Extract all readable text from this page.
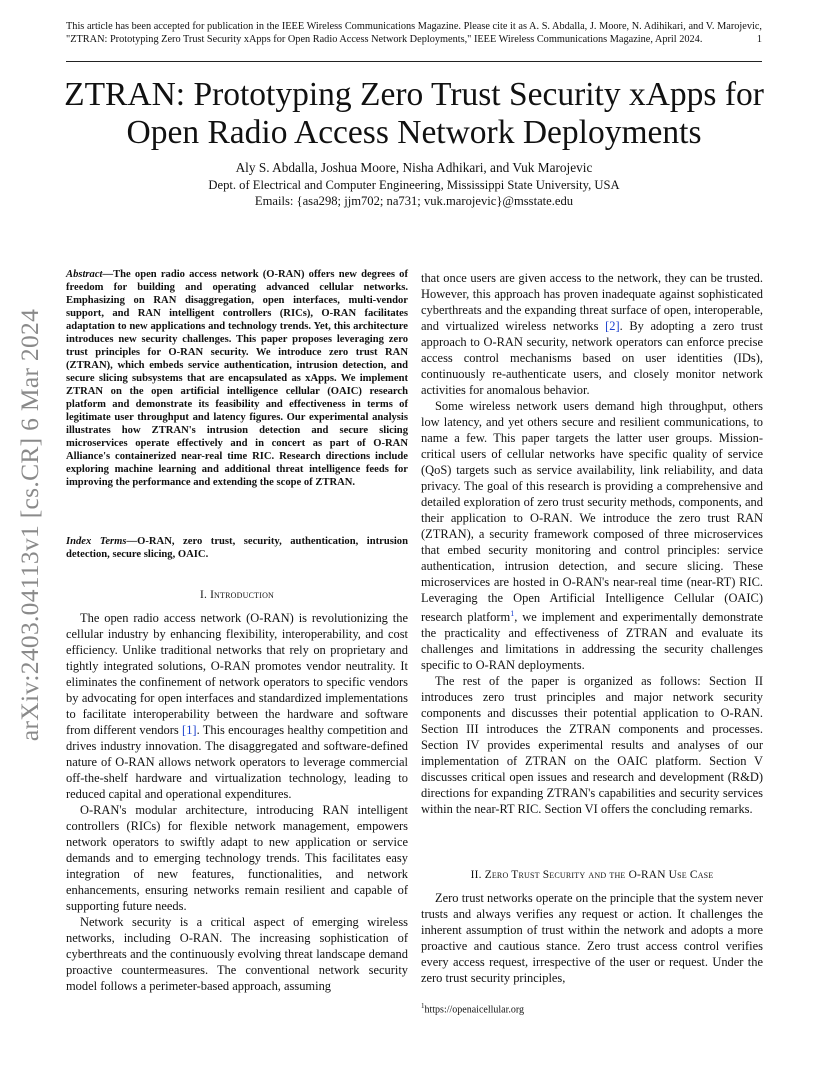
This article has been accepted for publication in the IEEE Wireless Communications Magazine. Please cite it as A. S. Abdalla, J. Moore, N. Adihikari, and V. Marojevic, "ZTRAN: Prototyping Zero Trust Security xApps for Open Radio Access Network Deployments," IEEE Wireless Communications Magazine, April 2024.	1
arXiv:2403.04113v1 [cs.CR] 6 Mar 2024
ZTRAN: Prototyping Zero Trust Security xApps for Open Radio Access Network Deployments
Aly S. Abdalla, Joshua Moore, Nisha Adhikari, and Vuk Marojevic
Dept. of Electrical and Computer Engineering, Mississippi State University, USA
Emails: {asa298; jjm702; na731; vuk.marojevic}@msstate.edu

Abstract—The open radio access network (O-RAN) offers new degrees of freedom for building and operating advanced cellular networks. Emphasizing on RAN disaggregation, open interfaces, multi-vendor support, and RAN intelligent controllers (RICs), O-RAN facilitates adaptation to new applications and technology trends. Yet, this architecture introduces new security challenges. This paper proposes leveraging zero trust principles for O-RAN security. We introduce zero trust RAN (ZTRAN), which embeds service authentication, intrusion detection, and secure slicing subsystems that are encapsulated as xApps. We implement ZTRAN on the open artificial intelligence cellular (OAIC) research platform and demonstrate its feasibility and effectiveness in terms of legitimate user throughput and latency figures. Our experimental analysis illustrates how ZTRAN's intrusion detection and secure slicing microservices operate effectively and in concert as part of O-RAN Alliance's containerized near-real time RIC. Research directions include exploring machine learning and additional threat intelligence feeds for improving the performance and extending the scope of ZTRAN.

Index Terms—O-RAN, zero trust, security, authentication, intrusion detection, secure slicing, OAIC.

I. Introduction

The open radio access network (O-RAN) is revolutionizing the cellular industry by enhancing flexibility, interoperability, and cost efficiency. Unlike traditional networks that rely on proprietary and tightly integrated solutions, O-RAN promotes vendor neutrality. It eliminates the confinement of network operators to specific vendors by advocating for open interfaces and standardized implementations to facilitate interoperability between the hardware and software from different vendors [1]. This encourages healthy competition and drives industry innovation. The disaggregated and software-defined nature of O-RAN allows network operators to leverage commercial off-the-shelf hardware and virtualization technology, leading to reduced capital and operational expenditures.

O-RAN's modular architecture, introducing RAN intelligent controllers (RICs) for flexible network management, empowers network operators to swiftly adapt to new application or service demands and to emerging technology trends. This facilitates easy integration of new features, functionalities, and network enhancements, ensuring networks remain resilient and capable of supporting future needs.

Network security is a critical aspect of emerging wireless networks, including O-RAN. The increasing sophistication of cyberthreats and the continuously evolving threat landscape demand proactive countermeasures. The conventional network security model follows a perimeter-based approach, assuming

that once users are given access to the network, they can be trusted. However, this approach has proven inadequate against sophisticated cyberthreats and the expanding threat surface of open, interoperable, and virtualized wireless networks [2]. By adopting a zero trust approach to O-RAN security, network operators can enforce precise access control mechanisms based on user identities (IDs), continuously re-authenticate users, and closely monitor network activities for anomalous behavior.

Some wireless network users demand high throughput, others low latency, and yet others secure and resilient communications, to name a few. This paper targets the latter user groups. Mission-critical users of cellular networks have specific quality of service (QoS) targets such as service availability, link reliability, and data privacy. The goal of this research is providing a comprehensive and detailed exploration of zero trust security methods, components, and their application to O-RAN. We introduce the zero trust RAN (ZTRAN), a security framework composed of three microservices that embed security monitoring and control principles: service authentication, intrusion detection, and secure slicing. These microservices are hosted in O-RAN's near-real time (near-RT) RIC. Leveraging the Open Artificial Intelligence Cellular (OAIC) research platform$^1$, we implement and experimentally demonstrate the practicality and effectiveness of ZTRAN and evaluate its challenges and limitations in addressing the security challenges specific to O-RAN deployments.

The rest of the paper is organized as follows: Section II introduces zero trust principles and major network security components and discusses their potential application to O-RAN. Section III introduces the ZTRAN components and processes. Section IV provides experimental results and analyses of our implementation of ZTRAN on the OAIC platform. Section V discusses critical open issues and research and development (R&D) directions for expanding ZTRAN's capabilities and security services within the near-RT RIC. Section VI offers the concluding remarks.

II. Zero Trust Security and the O-RAN Use Case

Zero trust networks operate on the principle that the system never trusts and always verifies any request or action. It challenges the inherent assumption of trust within the network and adopts a more proactive and cautious stance. Zero trust access control verifies every access request, irrespective of the user or request. Under the zero trust security principles,

$^1$https://openaicellular.org
